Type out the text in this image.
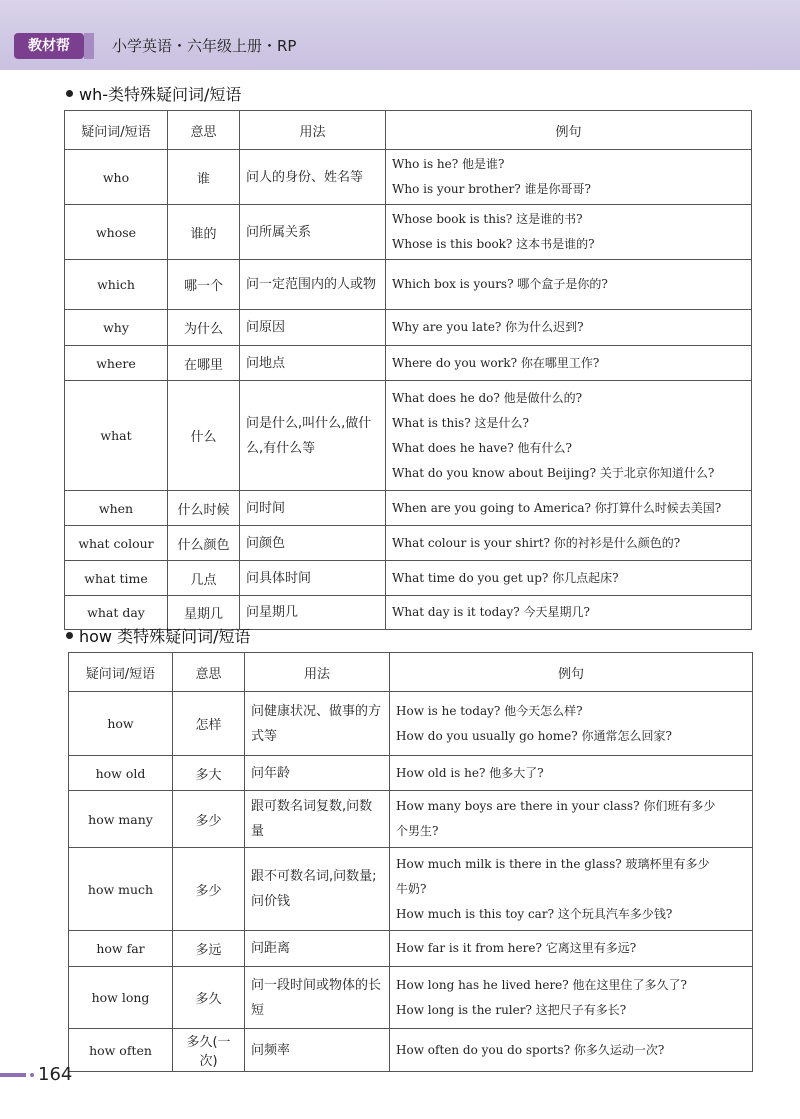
教材帮	小学英语・六年级上册・RP
wh-类特殊疑问词/短语
疑问词/短语	意思	用法	例句
who	谁	问人的身份、姓名等	Who is he? 他是谁?
Who is your brother? 谁是你哥哥?

whose	谁的	问所属关系	Whose book is this? 这是谁的书?
Whose is this book? 这本书是谁的?

which	哪一个	问一定范围内的人或物	Which box is yours? 哪个盒子是你的?

why	为什么	问原因	Why are you late? 你为什么迟到?

where	在哪里	问地点	Where do you work? 你在哪里工作?

what	什么	问是什么,叫什么,做什么,有什么等	What does he do? 他是做什么的?
What is this? 这是什么?
What does he have? 他有什么?
What do you know about Beijing? 关于北京你知道什么?

when	什么时候	问时间	When are you going to America? 你打算什么时候去美国?

what colour	什么颜色	问颜色	What colour is your shirt? 你的衬衫是什么颜色的?

what time	几点	问具体时间	What time do you get up? 你几点起床?

what day	星期几	问星期几	What day is it today? 今天星期几?
how 类特殊疑问词/短语
疑问词/短语	意思	用法	例句
how	怎样	问健康状况、做事的方式等	How is he today? 他今天怎么样?
How do you usually go home? 你通常怎么回家?

how old	多大	问年龄	How old is he? 他多大了?

how many	多少	跟可数名词复数,问数量	How many boys are there in your class? 你们班有多少
个男生?

how much	多少	跟不可数名词,问数量;问价钱	How much milk is there in the glass? 玻璃杯里有多少
牛奶?
How much is this toy car? 这个玩具汽车多少钱?

how far	多远	问距离	How far is it from here? 它离这里有多远?

how long	多久	问一段时间或物体的长短	How long has he lived here? 他在这里住了多久了?
How long is the ruler? 这把尺子有多长?

how often	多久(一次)	问频率	How often do you do sports? 你多久运动一次?
164
